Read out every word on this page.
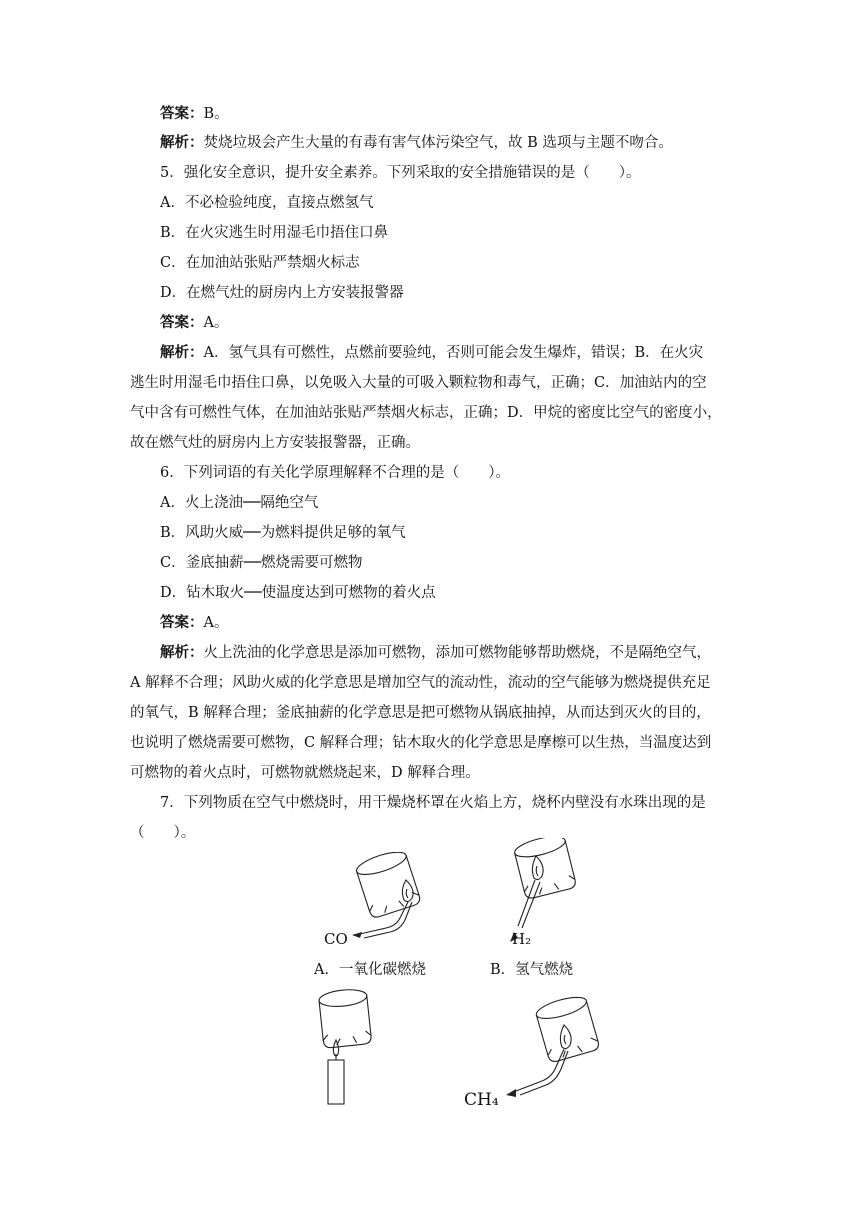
答案：B。
解析：焚烧垃圾会产生大量的有毒有害气体污染空气，故 B 选项与主题不吻合。
5．强化安全意识，提升安全素养。下列采取的安全措施错误的是（　　）。
A．不必检验纯度，直接点燃氢气
B．在火灾逃生时用湿毛巾捂住口鼻
C．在加油站张贴严禁烟火标志
D．在燃气灶的厨房内上方安装报警器
答案：A。
解析：A．氢气具有可燃性，点燃前要验纯，否则可能会发生爆炸，错误；B．在火灾
逃生时用湿毛巾捂住口鼻，以免吸入大量的可吸入颗粒物和毒气，正确；C．加油站内的空
气中含有可燃性气体，在加油站张贴严禁烟火标志，正确；D．甲烷的密度比空气的密度小，
故在燃气灶的厨房内上方安装报警器，正确。
6．下列词语的有关化学原理解释不合理的是（　　）。
A．火上浇油──隔绝空气
B．风助火威──为燃料提供足够的氧气
C．釜底抽薪──燃烧需要可燃物
D．钻木取火──使温度达到可燃物的着火点
答案：A。
解析：火上洗油的化学意思是添加可燃物，添加可燃物能够帮助燃烧，不是隔绝空气，
A 解释不合理；风助火威的化学意思是增加空气的流动性，流动的空气能够为燃烧提供充足
的氧气，B 解释合理；釜底抽薪的化学意思是把可燃物从锅底抽掉，从而达到灭火的目的，
也说明了燃烧需要可燃物，C 解释合理；钻木取火的化学意思是摩檫可以生热，当温度达到
可燃物的着火点时，可燃物就燃烧起来，D 解释合理。
7．下列物质在空气中燃烧时，用干燥烧杯罩在火焰上方，烧杯内壁没有水珠出现的是
（　　）。
CO
A．一氧化碳燃烧
H₂
B．氢气燃烧
CH₄
